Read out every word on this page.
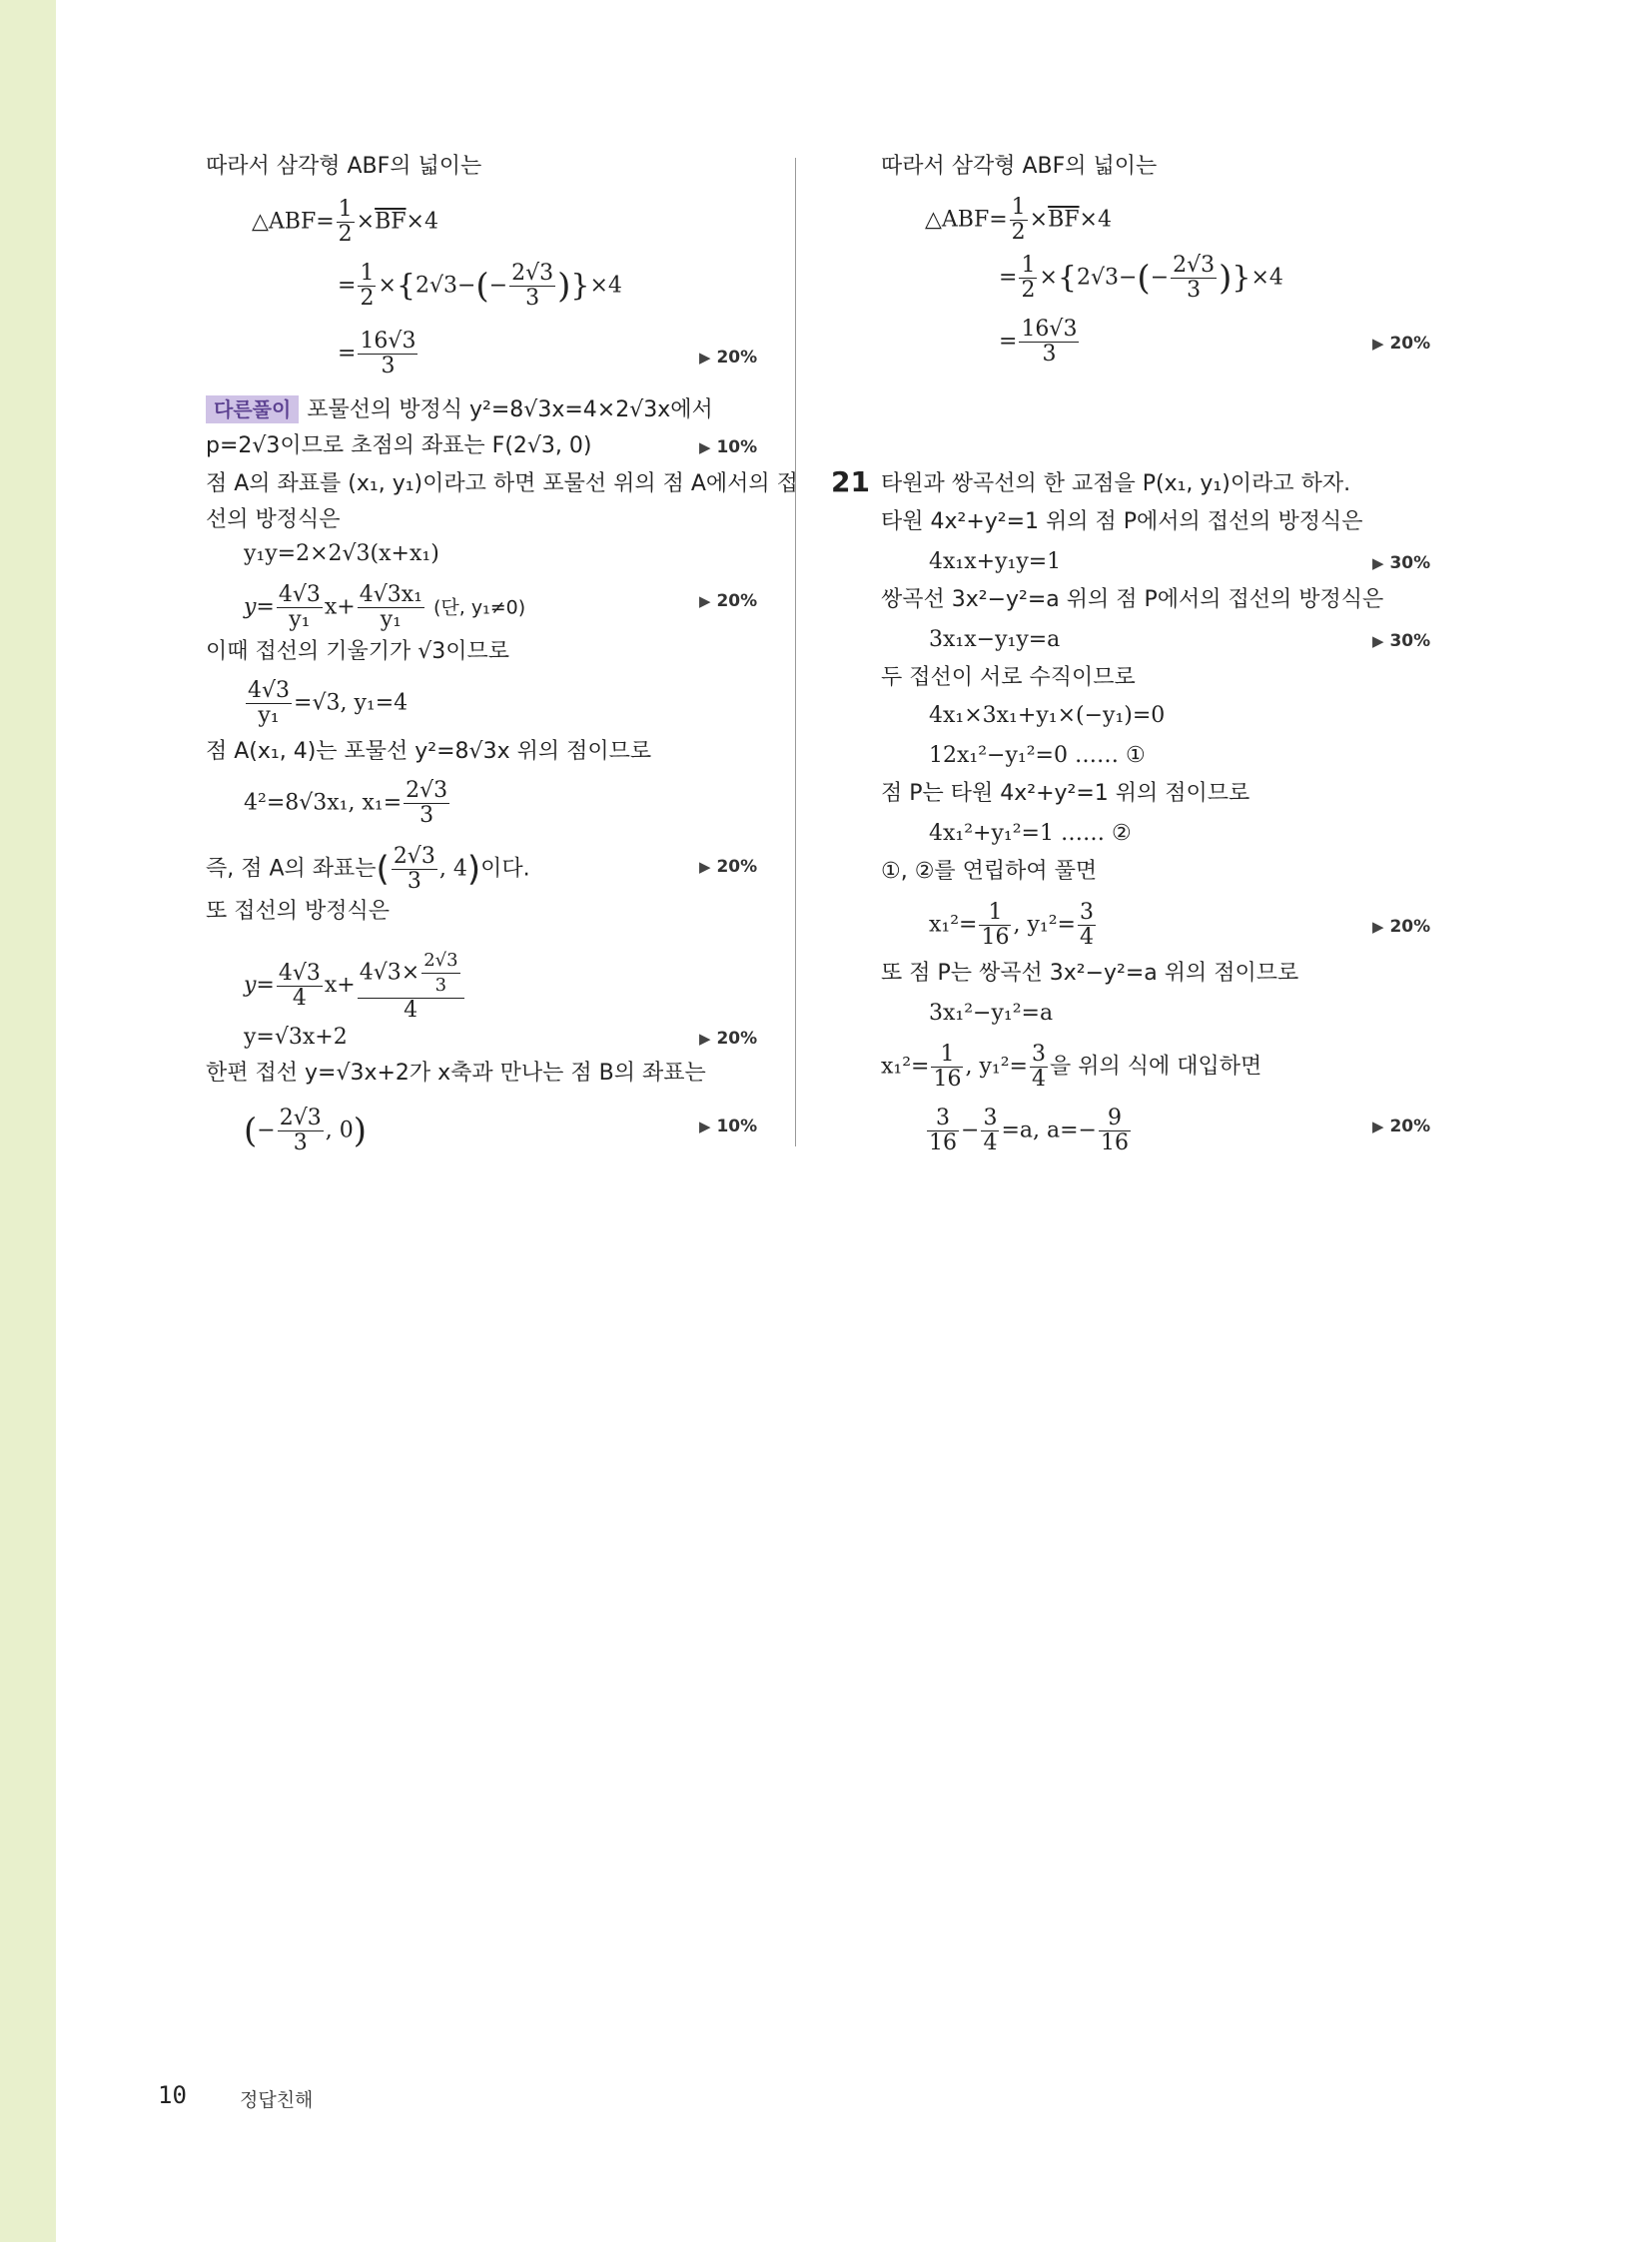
따라서 삼각형 ABF의 넓이는
△ABF= $\frac{1}{2} \times\overline{BF}\times 4$
= $\frac{1}{2} \times\{2√3-(- \frac{2√3}{3} )\}\times 4$
= $\frac{16√3}{3}$	▶ 20%
다른풀이 포물선의 방정식 y²=8√3x=4×2√3x에서
p=2√3이므로 초점의 좌표는 F(2√3, 0)	▶ 10%
점 A의 좌표를 (x₁, y₁)이라고 하면 포물선 위의 점 A에서의 접
선의 방정식은
y₁y=2×2√3(x+x₁)
$y= \frac{4√3}{\text{y₁}} x+ \frac{\text{4√3x₁}}{\text{y₁}}$ (단, y₁≠0)	▶ 20%
이때 접선의 기울기가 √3이므로
$\frac{4√3}{\text{y₁}} =√3$, y₁=4
점 A(x₁, 4)는 포물선 y²=8√3x 위의 점이므로
4²=8√3x₁, $x_1= \frac{2√3}{3}$
즉, 점 A의 좌표는( $\frac{2√3}{3}$ , 4)이다.	▶ 20%
또 접선의 방정식은
$y= \frac{4√3}{4} x+ \frac{4√3\times \frac{2√3}{3}}{4}$
y=√3x+2	▶ 20%
한편 접선 y=√3x+2가 x축과 만나는 점 B의 좌표는
(− $\frac{2√3}{3}$ , 0)	▶ 10%
따라서 삼각형 ABF의 넓이는
△ABF= $\frac{1}{2} \times\overline{BF}\times 4$
= $\frac{1}{2} \times\{2√3-(- \frac{2√3}{3} )\}\times 4$
= $\frac{16√3}{3}$	▶ 20%
21 타원과 쌍곡선의 한 교점을 P(x₁, y₁)이라고 하자.
타원 4x²+y²=1 위의 점 P에서의 접선의 방정식은
4x₁x+y₁y=1	▶ 30%
쌍곡선 3x²−y²=a 위의 점 P에서의 접선의 방정식은
3x₁x−y₁y=a	▶ 30%
두 접선이 서로 수직이므로
4x₁×3x₁+y₁×(−y₁)=0
12x₁²−y₁²=0 …… ①
점 P는 타원 4x²+y²=1 위의 점이므로
4x₁²+y₁²=1 …… ②
①, ②를 연립하여 풀면
$x_1^2= \frac{1}{16}$ , $y_1^2= \frac{3}{4}$	▶ 20%
또 점 P는 쌍곡선 3x²−y²=a 위의 점이므로
3x₁²−y₁²=a
$x_1^2= \frac{1}{16}$ , $y_1^2= \frac{3}{4}$ 을 위의 식에 대입하면
$\frac{3}{16} - \frac{3}{4} =a$, $a=- \frac{9}{16}$	▶ 20%
10	정답친해
